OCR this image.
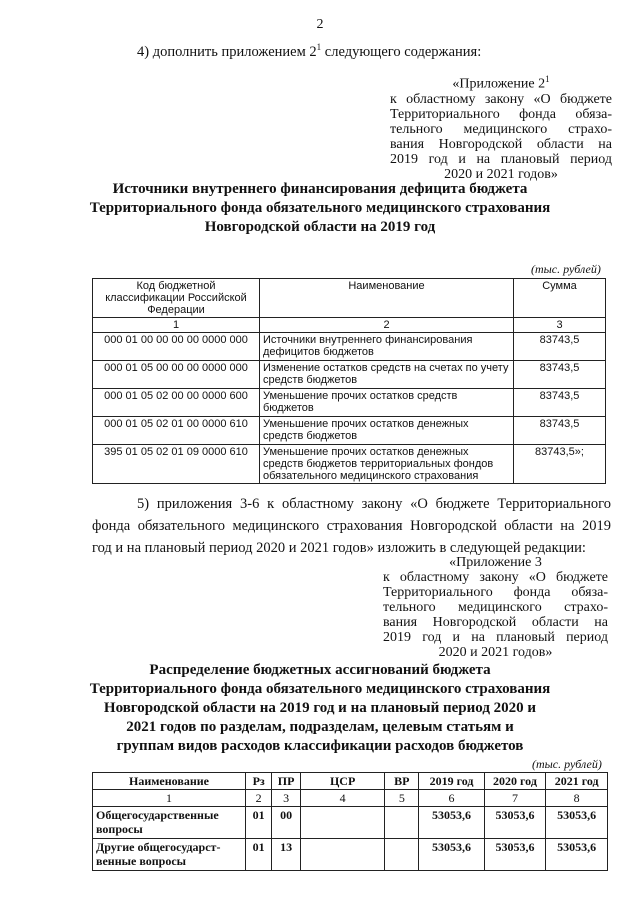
2
4) дополнить приложением $2^1$ следующего содержания:
«Приложение $2^1$
к областному закону «О бюджете
Территориального фонда обяза-
тельного медицинского страхо-
вания Новгородской области на
2019 год и на плановый период
2020 и 2021 годов»
Источники внутреннего финансирования дефицита бюджета
Территориального фонда обязательного медицинского страхования
Новгородской области на 2019 год
(тыс. рублей)
Код бюджетной классификации Российской Федерации	Наименование	Сумма
1	2	3
000 01 00 00 00 00 0000 000	Источники внутреннего финансирования дефицитов бюджетов	83743,5
000 01 05 00 00 00 0000 000	Изменение остатков средств на счетах по учету средств бюджетов	83743,5
000 01 05 02 00 00 0000 600	Уменьшение прочих остатков средств бюджетов	83743,5
000 01 05 02 01 00 0000 610	Уменьшение прочих остатков денежных средств бюджетов	83743,5
395 01 05 02 01 09 0000 610	Уменьшение прочих остатков денежных средств бюджетов территориальных фондов обязательного медицинского страхования	83743,5»;
5) приложения 3-6 к областному закону «О бюджете Территориального
фонда обязательного медицинского страхования Новгородской области на 2019
год и на плановый период 2020 и 2021 годов» изложить в следующей редакции:
«Приложение 3
к областному закону «О бюджете
Территориального фонда обяза-
тельного медицинского страхо-
вания Новгородской области на
2019 год и на плановый период
2020 и 2021 годов»
Распределение бюджетных ассигнований бюджета
Территориального фонда обязательного медицинского страхования
Новгородской области на 2019 год и на плановый период 2020 и
2021 годов по разделам, подразделам, целевым статьям и
группам видов расходов классификации расходов бюджетов
(тыс. рублей)
Наименование	Рз	ПР	ЦСР	ВР	2019 год	2020 год	2021 год
1	2	3	4	5	6	7	8
Общегосударственные вопросы	01	00			53053,6	53053,6	53053,6
Другие общегосударст-венные вопросы	01	13			53053,6	53053,6	53053,6
